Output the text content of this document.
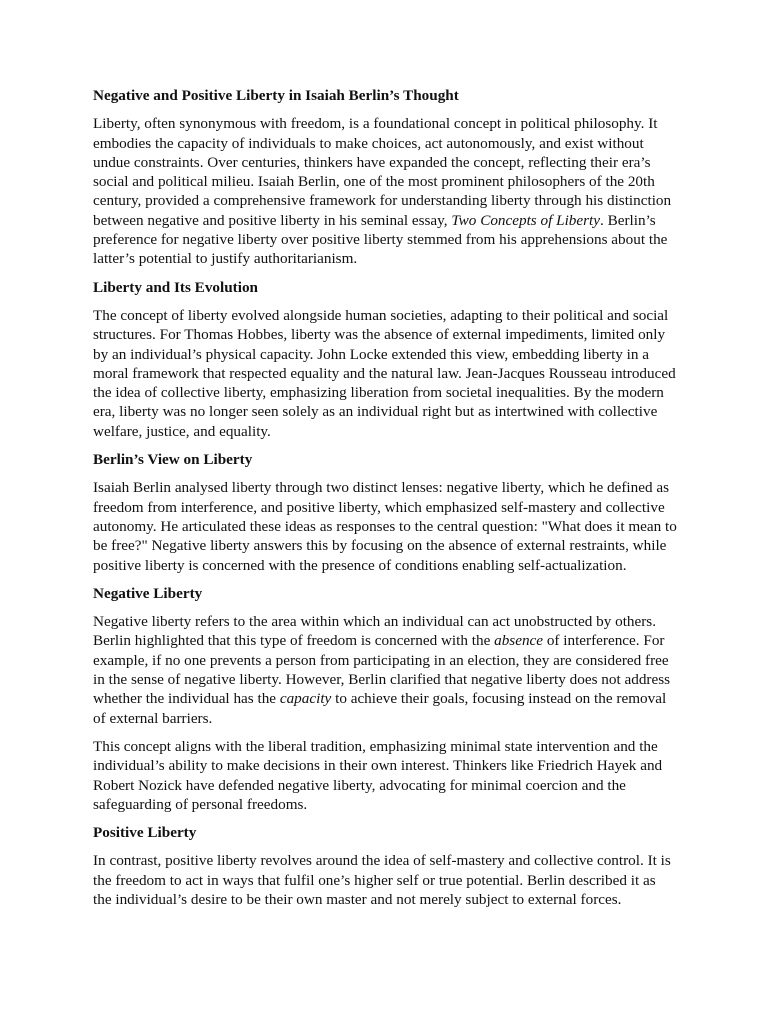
Negative and Positive Liberty in Isaiah Berlin’s Thought

Liberty, often synonymous with freedom, is a foundational concept in political philosophy. It embodies the capacity of individuals to make choices, act autonomously, and exist without undue constraints. Over centuries, thinkers have expanded the concept, reflecting their era’s social and political milieu. Isaiah Berlin, one of the most prominent philosophers of the 20th century, provided a comprehensive framework for understanding liberty through his distinction between negative and positive liberty in his seminal essay, Two Concepts of Liberty. Berlin’s preference for negative liberty over positive liberty stemmed from his apprehensions about the latter’s potential to justify authoritarianism.

Liberty and Its Evolution

The concept of liberty evolved alongside human societies, adapting to their political and social structures. For Thomas Hobbes, liberty was the absence of external impediments, limited only by an individual’s physical capacity. John Locke extended this view, embedding liberty in a moral framework that respected equality and the natural law. Jean-Jacques Rousseau introduced the idea of collective liberty, emphasizing liberation from societal inequalities. By the modern era, liberty was no longer seen solely as an individual right but as intertwined with collective welfare, justice, and equality.

Berlin’s View on Liberty

Isaiah Berlin analysed liberty through two distinct lenses: negative liberty, which he defined as freedom from interference, and positive liberty, which emphasized self-mastery and collective autonomy. He articulated these ideas as responses to the central question: "What does it mean to be free?" Negative liberty answers this by focusing on the absence of external restraints, while positive liberty is concerned with the presence of conditions enabling self-actualization.

Negative Liberty

Negative liberty refers to the area within which an individual can act unobstructed by others. Berlin highlighted that this type of freedom is concerned with the absence of interference. For example, if no one prevents a person from participating in an election, they are considered free in the sense of negative liberty. However, Berlin clarified that negative liberty does not address whether the individual has the capacity to achieve their goals, focusing instead on the removal of external barriers.

This concept aligns with the liberal tradition, emphasizing minimal state intervention and the individual’s ability to make decisions in their own interest. Thinkers like Friedrich Hayek and Robert Nozick have defended negative liberty, advocating for minimal coercion and the safeguarding of personal freedoms.

Positive Liberty

In contrast, positive liberty revolves around the idea of self-mastery and collective control. It is the freedom to act in ways that fulfil one’s higher self or true potential. Berlin described it as the individual’s desire to be their own master and not merely subject to external forces.
